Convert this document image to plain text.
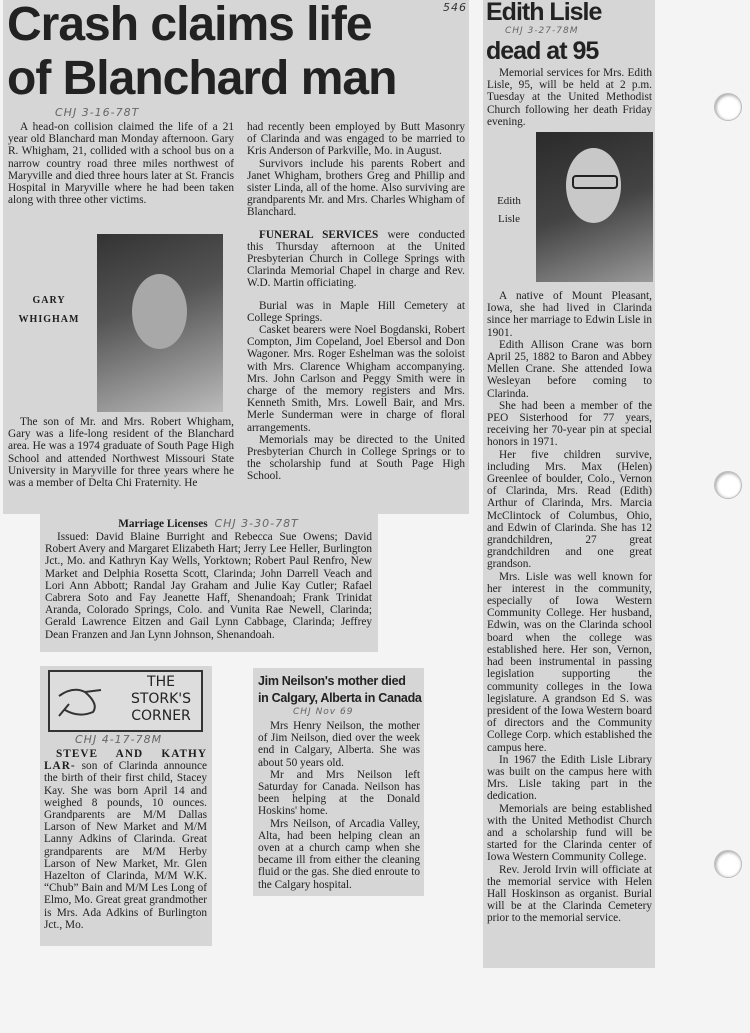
546
Crash claims life
of Blanchard man
CHJ 3-16-78T

A head-on collision claimed the life of a 21 year old Blanchard man Monday afternoon. Gary R. Whigham, 21, collided with a school bus on a narrow country road three miles northwest of Maryville and died three hours later at St. Francis Hospital in Maryville where he had been taken along with three other victims.

GARY
WHIGHAM

The son of Mr. and Mrs. Robert Whigham, Gary was a life-long resident of the Blanchard area. He was a 1974 graduate of South Page High School and attended Northwest Missouri State University in Maryville for three years where he was a member of Delta Chi Fraternity. He

had recently been employed by Butt Masonry of Clarinda and was engaged to be married to Kris Anderson of Parkville, Mo. in August.

Survivors include his parents Robert and Janet Whigham, brothers Greg and Phillip and sister Linda, all of the home. Also surviving are grandparents Mr. and Mrs. Charles Whigham of Blanchard.

FUNERAL SERVICES were conducted this Thursday afternoon at the United Presbyterian Church in College Springs with Clarinda Memorial Chapel in charge and Rev. W.D. Martin officiating.

Burial was in Maple Hill Cemetery at College Springs.

Casket bearers were Noel Bogdanski, Robert Compton, Jim Copeland, Joel Ebersol and Don Wagoner. Mrs. Roger Eshelman was the soloist with Mrs. Clarence Whigham accompanying. Mrs. John Carlson and Peggy Smith were in charge of the memory registers and Mrs. Kenneth Smith, Mrs. Lowell Bair, and Mrs. Merle Sunderman were in charge of floral arrangements.

Memorials may be directed to the United Presbyterian Church in College Springs or to the scholarship fund at South Page High School.

Marriage Licenses CHJ 3-30-78T

Issued: David Blaine Burright and Rebecca Sue Owens; David Robert Avery and Margaret Elizabeth Hart; Jerry Lee Heller, Burlington Jct., Mo. and Kathryn Kay Wells, Yorktown; Robert Paul Renfro, New Market and Delphia Rosetta Scott, Clarinda; John Darrell Veach and Lori Ann Abbott; Randal Jay Graham and Julie Kay Cutler; Rafael Cabrera Soto and Fay Jeanette Haff, Shenandoah; Frank Trinidat Aranda, Colorado Springs, Colo. and Vunita Rae Newell, Clarinda; Gerald Lawrence Eitzen and Gail Lynn Cabbage, Clarinda; Jeffrey Dean Franzen and Jan Lynn Johnson, Shenandoah.

THE
STORK'S
CORNER
CHJ 4-17-78M

STEVE AND KATHY LAR- son of Clarinda announce the birth of their first child, Stacey Kay. She was born April 14 and weighed 8 pounds, 10 ounces. Grandparents are M/M Dallas Larson of New Market and M/M Lanny Adkins of Clarinda. Great grandparents are M/M Herby Larson of New Market, Mr. Glen Hazelton of Clarinda, M/M W.K. “Chub” Bain and M/M Les Long of Elmo, Mo. Great great grandmother is Mrs. Ada Adkins of Burlington Jct., Mo.

Jim Neilson's mother died
in Calgary, Alberta in Canada
CHJ Nov 69

Mrs Henry Neilson, the mother of Jim Neilson, died over the week end in Calgary, Alberta. She was about 50 years old.

Mr and Mrs Neilson left Saturday for Canada. Neilson has been helping at the Donald Hoskins' home.

Mrs Neilson, of Arcadia Valley, Alta, had been helping clean an oven at a church camp when she became ill from either the cleaning fluid or the gas. She died enroute to the Calgary hospital.

Edith Lisle
CHJ 3-27-78M
dead at 95

Memorial services for Mrs. Edith Lisle, 95, will be held at 2 p.m. Tuesday at the United Methodist Church following her death Friday evening.

Edith
Lisle

A native of Mount Pleasant, Iowa, she had lived in Clarinda since her marriage to Edwin Lisle in 1901.

Edith Allison Crane was born April 25, 1882 to Baron and Abbey Mellen Crane. She attended Iowa Wesleyan before coming to Clarinda.

She had been a member of the PEO Sisterhood for 77 years, receiving her 70-year pin at special honors in 1971.

Her five children survive, including Mrs. Max (Helen) Greenlee of boulder, Colo., Vernon of Clarinda, Mrs. Read (Edith) Arthur of Clarinda, Mrs. Marcia McClintock of Columbus, Ohio, and Edwin of Clarinda. She has 12 grandchildren, 27 great grandchildren and one great grandson.

Mrs. Lisle was well known for her interest in the community, especially of Iowa Western Community College. Her husband, Edwin, was on the Clarinda school board when the college was established here. Her son, Vernon, had been instrumental in passing legislation supporting the community colleges in the Iowa legislature. A grandson Ed S. was president of the Iowa Western board of directors and the Community College Corp. which established the campus here.

In 1967 the Edith Lisle Library was built on the campus here with Mrs. Lisle taking part in the dedication.

Memorials are being established with the United Methodist Church and a scholarship fund will be started for the Clarinda center of Iowa Western Community College.

Rev. Jerold Irvin will officiate at the memorial service with Helen Hall Hoskinson as organist. Burial will be at the Clarinda Cemetery prior to the memorial service.
